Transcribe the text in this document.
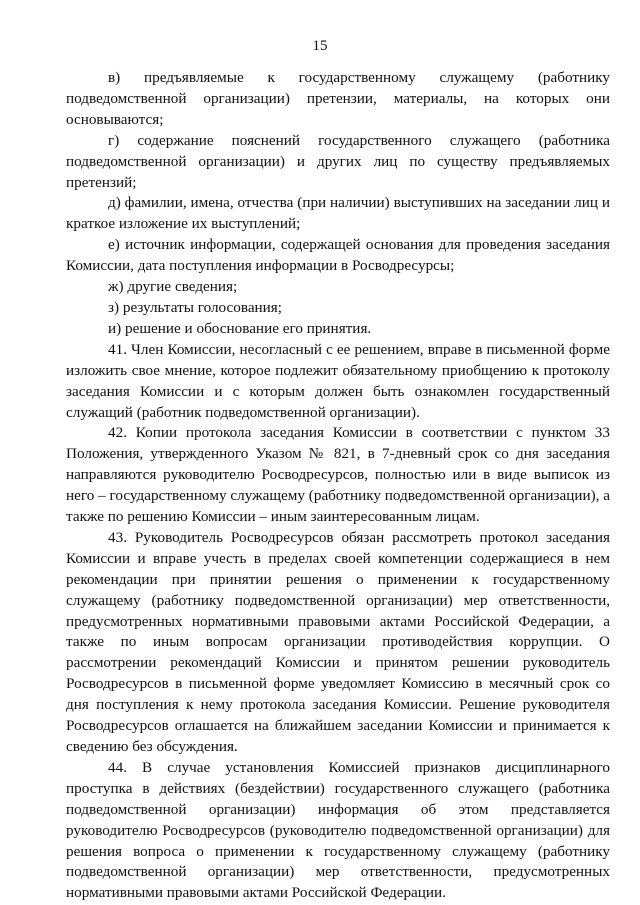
15

в) предъявляемые к государственному служащему (работнику подведомственной организации) претензии, материалы, на которых они основываются;

г) содержание пояснений государственного служащего (работника подведомственной организации) и других лиц по существу предъявляемых претензий;

д) фамилии, имена, отчества (при наличии) выступивших на заседании лиц и краткое изложение их выступлений;

е) источник информации, содержащей основания для проведения заседания Комиссии, дата поступления информации в Росводресурсы;

ж) другие сведения;

з) результаты голосования;

и) решение и обоснование его принятия.

41. Член Комиссии, несогласный с ее решением, вправе в письменной форме изложить свое мнение, которое подлежит обязательному приобщению к протоколу заседания Комиссии и с которым должен быть ознакомлен государственный служащий (работник подведомственной организации).

42. Копии протокола заседания Комиссии в соответствии с пунктом 33 Положения, утвержденного Указом № 821, в 7-дневный срок со дня заседания направляются руководителю Росводресурсов, полностью или в виде выписок из него – государственному служащему (работнику подведомственной организации), а также по решению Комиссии – иным заинтересованным лицам.

43. Руководитель Росводресурсов обязан рассмотреть протокол заседания Комиссии и вправе учесть в пределах своей компетенции содержащиеся в нем рекомендации при принятии решения о применении к государственному служащему (работнику подведомственной организации) мер ответственности, предусмотренных нормативными правовыми актами Российской Федерации, а также по иным вопросам организации противодействия коррупции. О рассмотрении рекомендаций Комиссии и принятом решении руководитель Росводресурсов в письменной форме уведомляет Комиссию в месячный срок со дня поступления к нему протокола заседания Комиссии. Решение руководителя Росводресурсов оглашается на ближайшем заседании Комиссии и принимается к сведению без обсуждения.

44. В случае установления Комиссией признаков дисциплинарного проступка в действиях (бездействии) государственного служащего (работника подведомственной организации) информация об этом представляется руководителю Росводресурсов (руководителю подведомственной организации) для решения вопроса о применении к государственному служащему (работнику подведомственной организации) мер ответственности, предусмотренных нормативными правовыми актами Российской Федерации.
